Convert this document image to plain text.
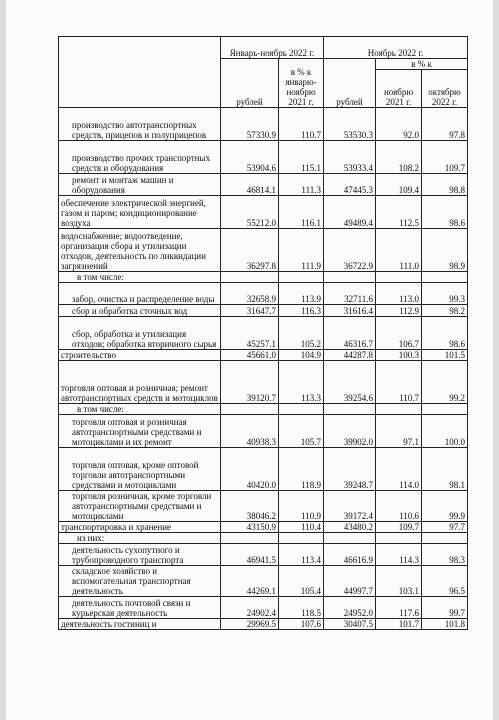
	Январь-ноябрь 2022 г.		Ноябрь 2022 г.		
	рублей	в % к январю-ноябрю 2021 г.	рублей	в % к	
				ноябрю 2021 г.	октябрю 2022 г.
производство автотранспортных средств, прицепов и полуприцепов	57330.9	110.7	53530.3	92.0	97.8
производство прочих транспортных средств и оборудования	53904.6	115.1	53933.4	108.2	109.7
ремонт и монтаж машин и оборудования	46814.1	111.3	47445.3	109.4	98.8
обеспечение электрической энергией, газом и паром; кондиционирование воздуха	55212.0	116.1	49489.4	112.5	98.6
водоснабжение; водоотведение, организация сбора и утилизации отходов, деятельность по ликвидации загрязнений	36297.8	111.9	36722.9	111.0	98.9
в том числе:					
забор, очистка и распределение воды	32658.9	113.9	32711.6	113.0	99.3
сбор и обработка сточных вод	31647.7	116.3	31616.4	112.9	98.2
сбор, обработка и утилизация отходов; обработка вторичного сырья	45257.1	105.2	46316.7	106.7	98.6
строительство	45661.0	104.9	44287.8	100.3	101.5
торговля оптовая и розничная; ремонт автотранспортных средств и мотоциклов	39120.7	113.3	39254.6	110.7	99.2
в том числе:					
торговля оптовая и розничная автотранспортными средствами и мотоциклами и их ремонт	40938.3	105.7	39902.0	97.1	100.0
торговля оптовая, кроме оптовой торговли автотранспортными средствами и мотоциклами	40420.0	118.9	39248.7	114.0	98.1
торговля розничная, кроме торговли автотранспортными средствами и мотоциклами	38046.2	110.9	39172.4	110.6	99.9
транспортировка и хранение	43150.9	110.4	43480.2	109.7	97.7
из них:					
деятельность сухопутного и трубопроводного транспорта	46941.5	113.4	46616.9	114.3	98.3
складское хозяйство и вспомогательная транспортная деятельность	44269.1	105.4	44997.7	103.1	96.5
деятельность почтовой связи и курьерская деятельность	24902.4	118.5	24952.0	117.6	99.7
деятельность гостиниц и	29969.5	107.6	30407.5	101.7	101.8
